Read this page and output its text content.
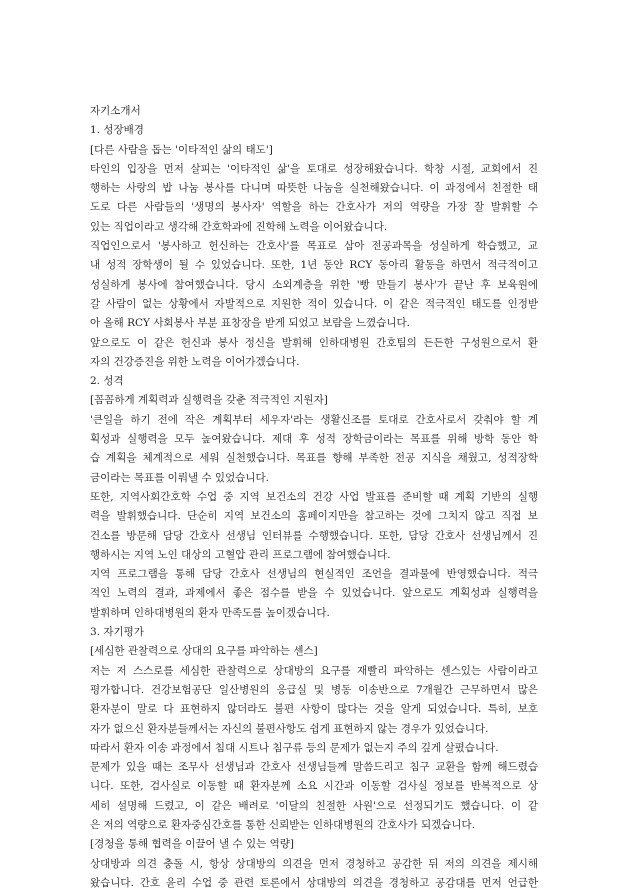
자기소개서
1. 성장배경
[다른 사람을 돕는 '이타적인 삶의 태도']
타인의 입장을 먼저 살피는 '이타적인 삶'을 토대로 성장해왔습니다. 학창 시절, 교회에서 진
행하는 사랑의 밥 나눔 봉사를 다니며 따뜻한 나눔을 실천해왔습니다. 이 과정에서 친절한 태
도로 다른 사람들의 '생명의 봉사자' 역할을 하는 간호사가 저의 역량을 가장 잘 발휘할 수
있는 직업이라고 생각해 간호학과에 진학해 노력을 이어왔습니다.
직업인으로서 '봉사하고 헌신하는 간호사'를 목표로 삼아 전공과목을 성실하게 학습했고, 교
내 성적 장학생이 될 수 있었습니다. 또한, 1년 동안 RCY 동아리 활동을 하면서 적극적이고
성실하게 봉사에 참여했습니다. 당시 소외계층을 위한 '빵 만들기 봉사'가 끝난 후 보육원에
갈 사람이 없는 상황에서 자발적으로 지원한 적이 있습니다. 이 같은 적극적인 태도를 인정받
아 올해 RCY 사회봉사 부분 표창장을 받게 되었고 보람을 느꼈습니다.
앞으로도 이 같은 헌신과 봉사 정신을 발휘해 인하대병원 간호팀의 든든한 구성원으로서 환
자의 건강증진을 위한 노력을 이어가겠습니다.
2. 성격
[꼼꼼하게 계획력과 실행력을 갖춘 적극적인 지원자]
'큰일을 하기 전에 작은 계획부터 세우자'라는 생활신조를 토대로 간호사로서 갖춰야 할 계
획성과 실행력을 모두 높여왔습니다. 제대 후 성적 장학금이라는 목표를 위해 방학 동안 학
습 계획을 체계적으로 세워 실천했습니다. 목표를 향해 부족한 전공 지식을 채웠고, 성적장학
금이라는 목표를 이뤄낼 수 있었습니다.
또한, 지역사회간호학 수업 중 지역 보건소의 건강 사업 발표를 준비할 때 계획 기반의 실행
력을 발휘했습니다. 단순히 지역 보건소의 홈페이지만을 참고하는 것에 그치지 않고 직접 보
건소를 방문해 담당 간호사 선생님 인터뷰를 수행했습니다. 또한, 담당 간호사 선생님께서 진
행하시는 지역 노인 대상의 고혈압 관리 프로그램에 참여했습니다.
지역 프로그램을 통해 담당 간호사 선생님의 현실적인 조언을 결과물에 반영했습니다. 적극
적인 노력의 결과, 과제에서 좋은 점수를 받을 수 있었습니다. 앞으로도 계획성과 실행력을
발휘하며 인하대병원의 환자 만족도를 높이겠습니다.
3. 자기평가
[세심한 관찰력으로 상대의 요구를 파악하는 센스]
저는 저 스스로를 세심한 관찰력으로 상대방의 요구를 재빨리 파악하는 센스있는 사람이라고
평가합니다. 건강보험공단 일산병원의 응급실 및 병동 이송반으로 7개월간 근무하면서 많은
환자분이 말로 다 표현하지 않더라도 불편 사항이 많다는 것을 알게 되었습니다. 특히, 보호
자가 없으신 환자분들께서는 자신의 불편사항도 쉽게 표현하지 않는 경우가 있었습니다.
따라서 환자 이송 과정에서 침대 시트나 침구류 등의 문제가 없는지 주의 깊게 살폈습니다.
문제가 있을 때는 조무사 선생님과 간호사 선생님들께 말씀드리고 침구 교환을 함께 해드렸습
니다. 또한, 검사실로 이동할 때 환자분께 소요 시간과 이동할 검사실 정보를 반복적으로 상
세히 설명해 드렸고, 이 같은 배려로 '이달의 친절한 사원'으로 선정되기도 했습니다. 이 같
은 저의 역량으로 환자중심간호를 통한 신뢰받는 인하대병원의 간호사가 되겠습니다.
[경청을 통해 협력을 이끌어 낼 수 있는 역량]
상대방과 의견 충돌 시, 항상 상대방의 의견을 먼저 경청하고 공감한 뒤 저의 의견을 제시해
왔습니다. 간호 윤리 수업 중 관련 토론에서 상대방의 의견을 경청하고 공감대를 먼저 언급한
